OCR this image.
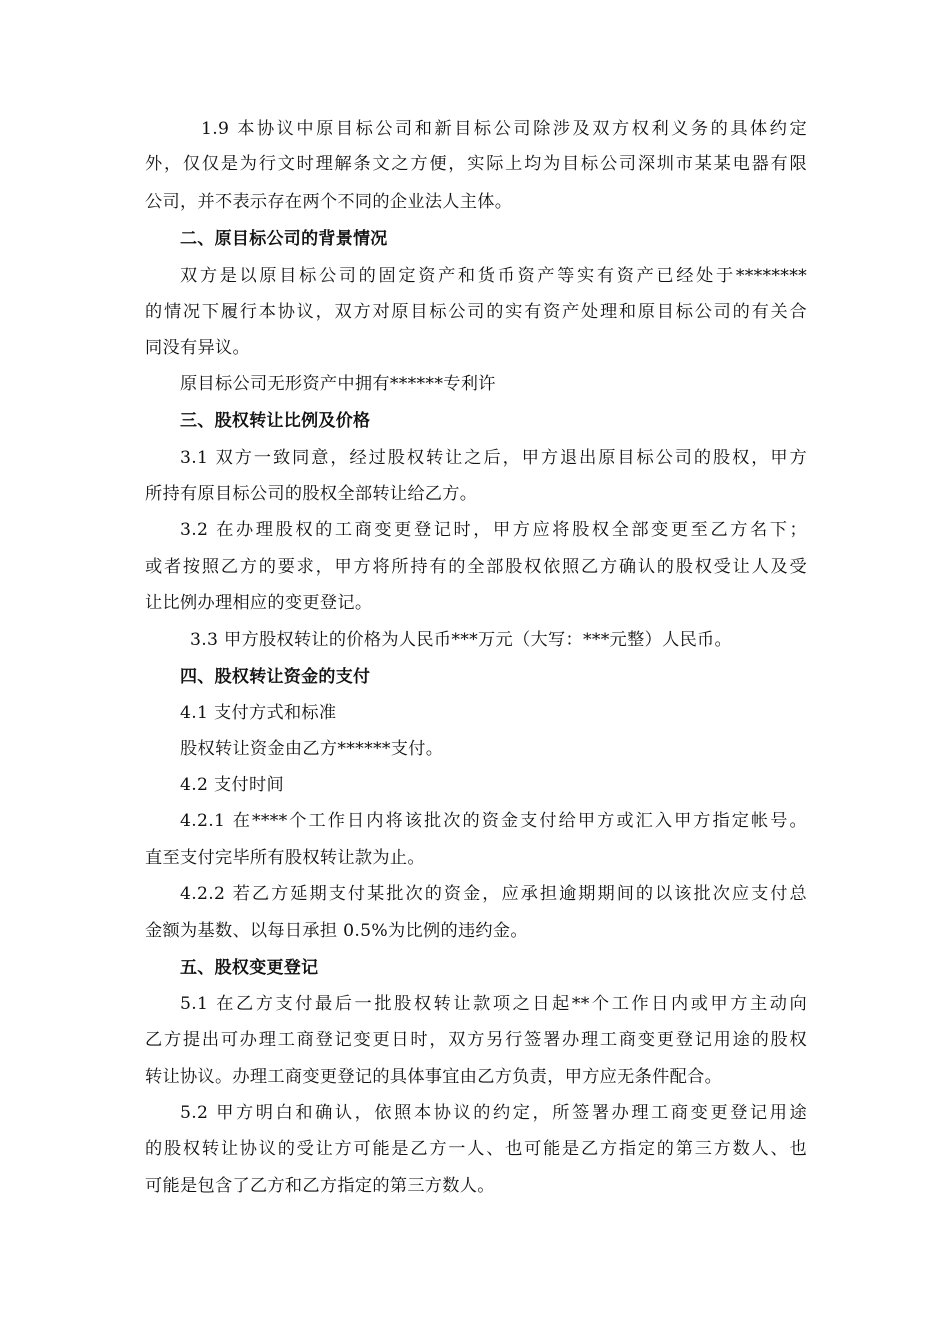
1.9 本协议中原目标公司和新目标公司除涉及双方权利义务的具体约定
外，仅仅是为行文时理解条文之方便，实际上均为目标公司深圳市某某电器有限
公司，并不表示存在两个不同的企业法人主体。
二、原目标公司的背景情况
双方是以原目标公司的固定资产和货币资产等实有资产已经处于********
的情况下履行本协议，双方对原目标公司的实有资产处理和原目标公司的有关合
同没有异议。
原目标公司无形资产中拥有******专利许
三、股权转让比例及价格
3.1 双方一致同意，经过股权转让之后，甲方退出原目标公司的股权，甲方
所持有原目标公司的股权全部转让给乙方。
3.2 在办理股权的工商变更登记时，甲方应将股权全部变更至乙方名下；
或者按照乙方的要求，甲方将所持有的全部股权依照乙方确认的股权受让人及受
让比例办理相应的变更登记。
3.3 甲方股权转让的价格为人民币***万元（大写：***元整）人民币。
四、股权转让资金的支付
4.1 支付方式和标准
股权转让资金由乙方******支付。
4.2 支付时间
4.2.1 在****个工作日内将该批次的资金支付给甲方或汇入甲方指定帐号。
直至支付完毕所有股权转让款为止。
4.2.2 若乙方延期支付某批次的资金，应承担逾期期间的以该批次应支付总
金额为基数、以每日承担 0.5%为比例的违约金。
五、股权变更登记
5.1 在乙方支付最后一批股权转让款项之日起**个工作日内或甲方主动向
乙方提出可办理工商登记变更日时，双方另行签署办理工商变更登记用途的股权
转让协议。办理工商变更登记的具体事宜由乙方负责，甲方应无条件配合。
5.2 甲方明白和确认，依照本协议的约定，所签署办理工商变更登记用途
的股权转让协议的受让方可能是乙方一人、也可能是乙方指定的第三方数人、也
可能是包含了乙方和乙方指定的第三方数人。
